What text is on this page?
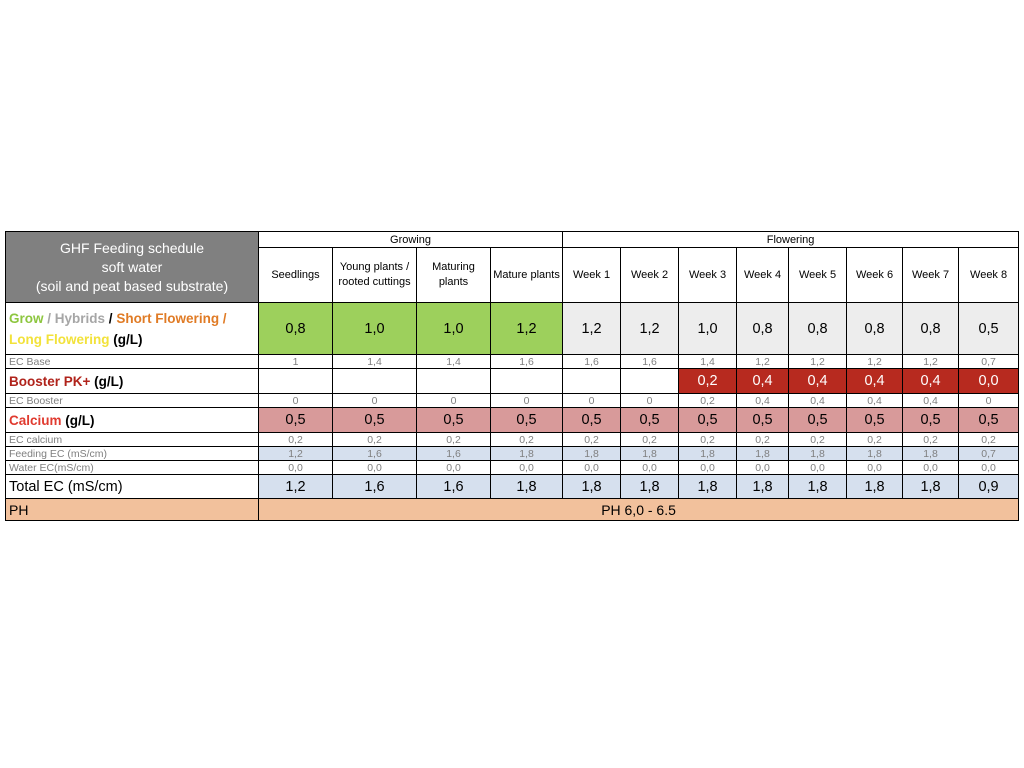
GHF Feeding schedule
soft water
(soil and peat based substrate)	Growing				Flowering							
	Seedlings	Young plants / rooted cuttings	Maturing plants	Mature plants	Week 1	Week 2	Week 3	Week 4	Week 5	Week 6	Week 7	Week 8
Grow / Hybrids / Short Flowering /
Long Flowering (g/L)	0,8	1,0	1,0	1,2	1,2	1,2	1,0	0,8	0,8	0,8	0,8	0,5
EC Base	1	1,4	1,4	1,6	1,6	1,6	1,4	1,2	1,2	1,2	1,2	0,7
Booster PK+ (g/L)							0,2	0,4	0,4	0,4	0,4	0,0
EC Booster	0	0	0	0	0	0	0,2	0,4	0,4	0,4	0,4	0
Calcium (g/L)	0,5	0,5	0,5	0,5	0,5	0,5	0,5	0,5	0,5	0,5	0,5	0,5
EC calcium	0,2	0,2	0,2	0,2	0,2	0,2	0,2	0,2	0,2	0,2	0,2	0,2
Feeding EC (mS/cm)	1,2	1,6	1,6	1,8	1,8	1,8	1,8	1,8	1,8	1,8	1,8	0,7
Water EC(mS/cm)	0,0	0,0	0,0	0,0	0,0	0,0	0,0	0,0	0,0	0,0	0,0	0,0
Total EC (mS/cm)	1,2	1,6	1,6	1,8	1,8	1,8	1,8	1,8	1,8	1,8	1,8	0,9
PH	PH 6,0 - 6.5											
